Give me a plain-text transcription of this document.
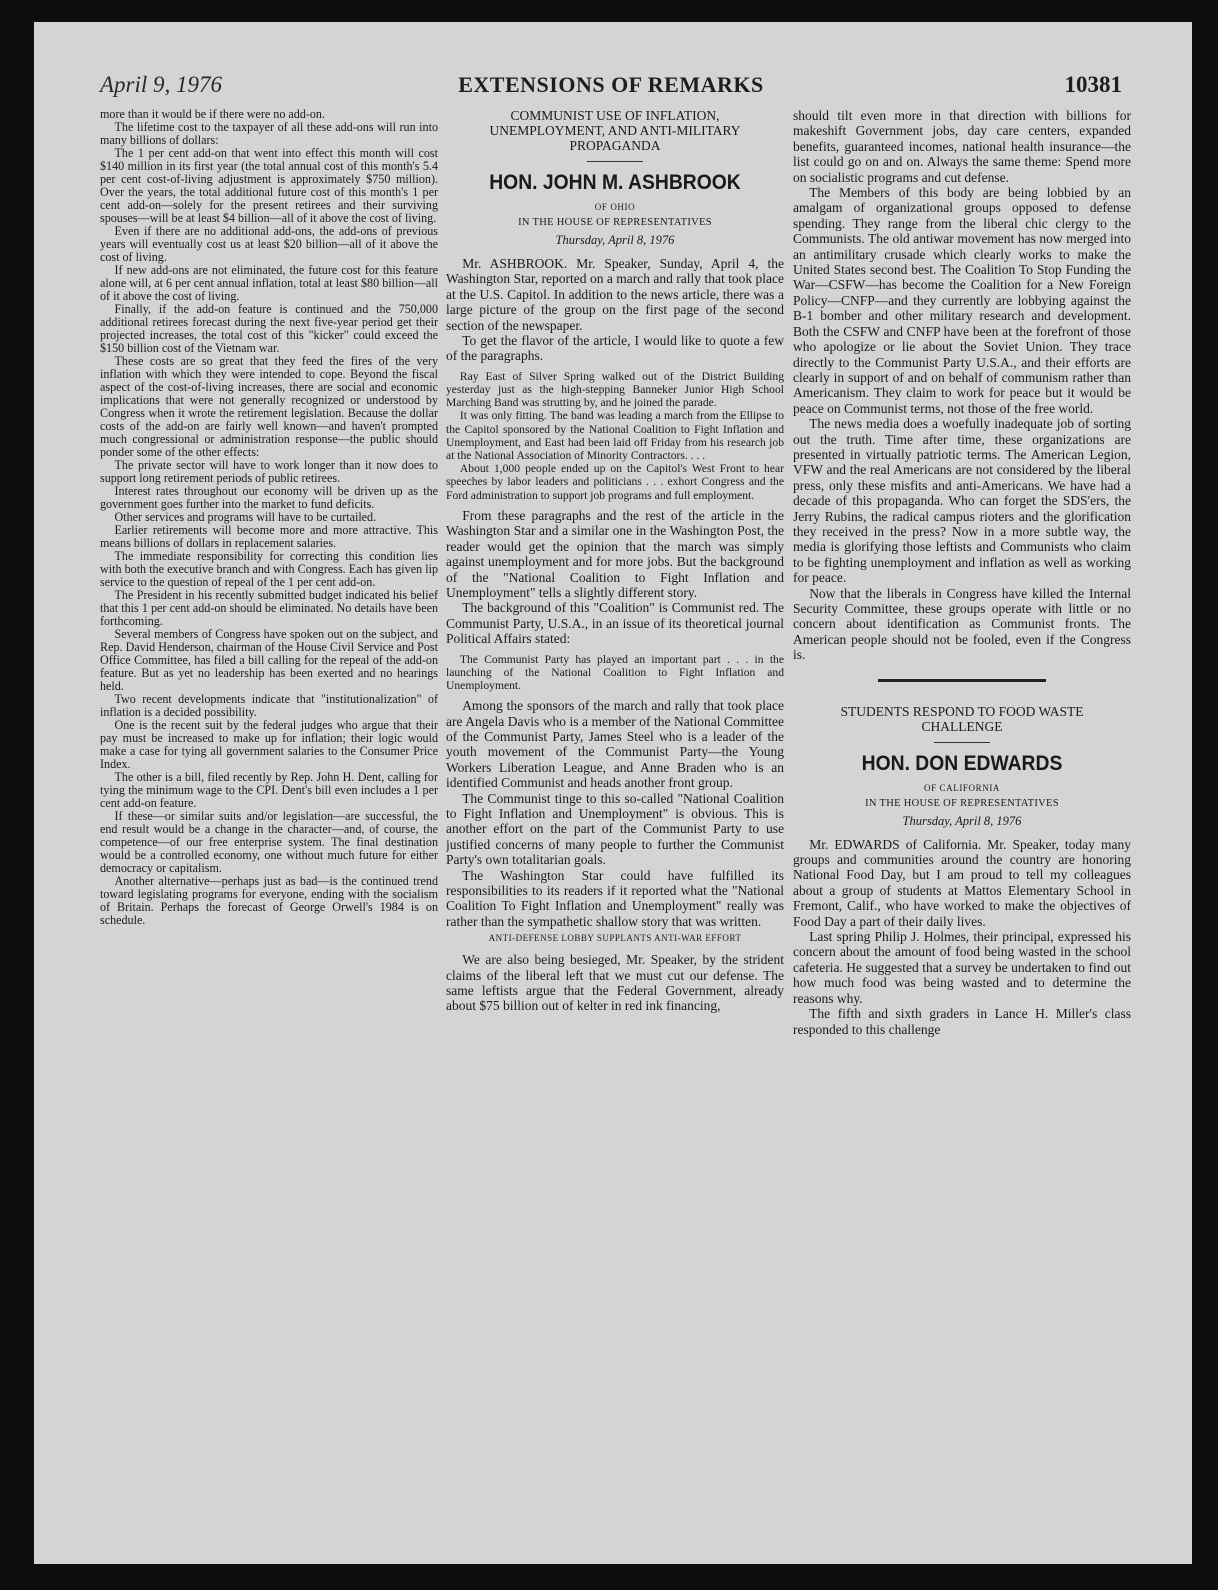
April 9, 1976	EXTENSIONS OF REMARKS	10381

more than it would be if there were no add-on.

The lifetime cost to the taxpayer of all these add-ons will run into many billions of dollars:

The 1 per cent add-on that went into effect this month will cost $140 million in its first year (the total annual cost of this month's 5.4 per cent cost-of-living adjustment is approximately $750 million). Over the years, the total additional future cost of this month's 1 per cent add-on—solely for the present retirees and their surviving spouses—will be at least $4 billion—all of it above the cost of living.

Even if there are no additional add-ons, the add-ons of previous years will eventually cost us at least $20 billion—all of it above the cost of living.

If new add-ons are not eliminated, the future cost for this feature alone will, at 6 per cent annual inflation, total at least $80 billion—all of it above the cost of living.

Finally, if the add-on feature is continued and the 750,000 additional retirees forecast during the next five-year period get their projected increases, the total cost of this "kicker" could exceed the $150 billion cost of the Vietnam war.

These costs are so great that they feed the fires of the very inflation with which they were intended to cope. Beyond the fiscal aspect of the cost-of-living increases, there are social and economic implications that were not generally recognized or understood by Congress when it wrote the retirement legislation. Because the dollar costs of the add-on are fairly well known—and haven't prompted much congressional or administration response—the public should ponder some of the other effects:

The private sector will have to work longer than it now does to support long retirement periods of public retirees.

Interest rates throughout our economy will be driven up as the government goes further into the market to fund deficits.

Other services and programs will have to be curtailed.

Earlier retirements will become more and more attractive. This means billions of dollars in replacement salaries.

The immediate responsibility for correcting this condition lies with both the executive branch and with Congress. Each has given lip service to the question of repeal of the 1 per cent add-on.

The President in his recently submitted budget indicated his belief that this 1 per cent add-on should be eliminated. No details have been forthcoming.

Several members of Congress have spoken out on the subject, and Rep. David Henderson, chairman of the House Civil Service and Post Office Committee, has filed a bill calling for the repeal of the add-on feature. But as yet no leadership has been exerted and no hearings held.

Two recent developments indicate that "institutionalization" of inflation is a decided possibility.

One is the recent suit by the federal judges who argue that their pay must be increased to make up for inflation; their logic would make a case for tying all government salaries to the Consumer Price Index.

The other is a bill, filed recently by Rep. John H. Dent, calling for tying the minimum wage to the CPI. Dent's bill even includes a 1 per cent add-on feature.

If these—or similar suits and/or legislation—are successful, the end result would be a change in the character—and, of course, the competence—of our free enterprise system. The final destination would be a controlled economy, one without much future for either democracy or capitalism.

Another alternative—perhaps just as bad—is the continued trend toward legislating programs for everyone, ending with the socialism of Britain. Perhaps the forecast of George Orwell's 1984 is on schedule.

COMMUNIST USE OF INFLATION, UNEMPLOYMENT, AND ANTI-MILITARY PROPAGANDA
HON. JOHN M. ASHBROOK
OF OHIO
IN THE HOUSE OF REPRESENTATIVES
Thursday, April 8, 1976

Mr. ASHBROOK. Mr. Speaker, Sunday, April 4, the Washington Star, reported on a march and rally that took place at the U.S. Capitol. In addition to the news article, there was a large picture of the group on the first page of the second section of the newspaper.

To get the flavor of the article, I would like to quote a few of the paragraphs.

Ray East of Silver Spring walked out of the District Building yesterday just as the high-stepping Banneker Junior High School Marching Band was strutting by, and he joined the parade.

It was only fitting. The band was leading a march from the Ellipse to the Capitol sponsored by the National Coalition to Fight Inflation and Unemployment, and East had been laid off Friday from his research job at the National Association of Minority Contractors. . . .

About 1,000 people ended up on the Capitol's West Front to hear speeches by labor leaders and politicians . . . exhort Congress and the Ford administration to support job programs and full employment.

From these paragraphs and the rest of the article in the Washington Star and a similar one in the Washington Post, the reader would get the opinion that the march was simply against unemployment and for more jobs. But the background of the "National Coalition to Fight Inflation and Unemployment" tells a slightly different story.

The background of this "Coalition" is Communist red. The Communist Party, U.S.A., in an issue of its theoretical journal Political Affairs stated:

The Communist Party has played an important part . . . in the launching of the National Coalition to Fight Inflation and Unemployment.

Among the sponsors of the march and rally that took place are Angela Davis who is a member of the National Committee of the Communist Party, James Steel who is a leader of the youth movement of the Communist Party—the Young Workers Liberation League, and Anne Braden who is an identified Communist and heads another front group.

The Communist tinge to this so-called "National Coalition to Fight Inflation and Unemployment" is obvious. This is another effort on the part of the Communist Party to use justified concerns of many people to further the Communist Party's own totalitarian goals.

The Washington Star could have fulfilled its responsibilities to its readers if it reported what the "National Coalition To Fight Inflation and Unemployment" really was rather than the sympathetic shallow story that was written.

ANTI-DEFENSE LOBBY SUPPLANTS ANTI-WAR EFFORT

We are also being besieged, Mr. Speaker, by the strident claims of the liberal left that we must cut our defense. The same leftists argue that the Federal Government, already about $75 billion out of kelter in red ink financing,

should tilt even more in that direction with billions for makeshift Government jobs, day care centers, expanded benefits, guaranteed incomes, national health insurance—the list could go on and on. Always the same theme: Spend more on socialistic programs and cut defense.

The Members of this body are being lobbied by an amalgam of organizational groups opposed to defense spending. They range from the liberal chic clergy to the Communists. The old antiwar movement has now merged into an antimilitary crusade which clearly works to make the United States second best. The Coalition To Stop Funding the War—CSFW—has become the Coalition for a New Foreign Policy—CNFP—and they currently are lobbying against the B-1 bomber and other military research and development. Both the CSFW and CNFP have been at the forefront of those who apologize or lie about the Soviet Union. They trace directly to the Communist Party U.S.A., and their efforts are clearly in support of and on behalf of communism rather than Americanism. They claim to work for peace but it would be peace on Communist terms, not those of the free world.

The news media does a woefully inadequate job of sorting out the truth. Time after time, these organizations are presented in virtually patriotic terms. The American Legion, VFW and the real Americans are not considered by the liberal press, only these misfits and anti-Americans. We have had a decade of this propaganda. Who can forget the SDS'ers, the Jerry Rubins, the radical campus rioters and the glorification they received in the press? Now in a more subtle way, the media is glorifying those leftists and Communists who claim to be fighting unemployment and inflation as well as working for peace.

Now that the liberals in Congress have killed the Internal Security Committee, these groups operate with little or no concern about identification as Communist fronts. The American people should not be fooled, even if the Congress is.

STUDENTS RESPOND TO FOOD WASTE CHALLENGE
HON. DON EDWARDS
OF CALIFORNIA
IN THE HOUSE OF REPRESENTATIVES
Thursday, April 8, 1976

Mr. EDWARDS of California. Mr. Speaker, today many groups and communities around the country are honoring National Food Day, but I am proud to tell my colleagues about a group of students at Mattos Elementary School in Fremont, Calif., who have worked to make the objectives of Food Day a part of their daily lives.

Last spring Philip J. Holmes, their principal, expressed his concern about the amount of food being wasted in the school cafeteria. He suggested that a survey be undertaken to find out how much food was being wasted and to determine the reasons why.

The fifth and sixth graders in Lance H. Miller's class responded to this challenge
